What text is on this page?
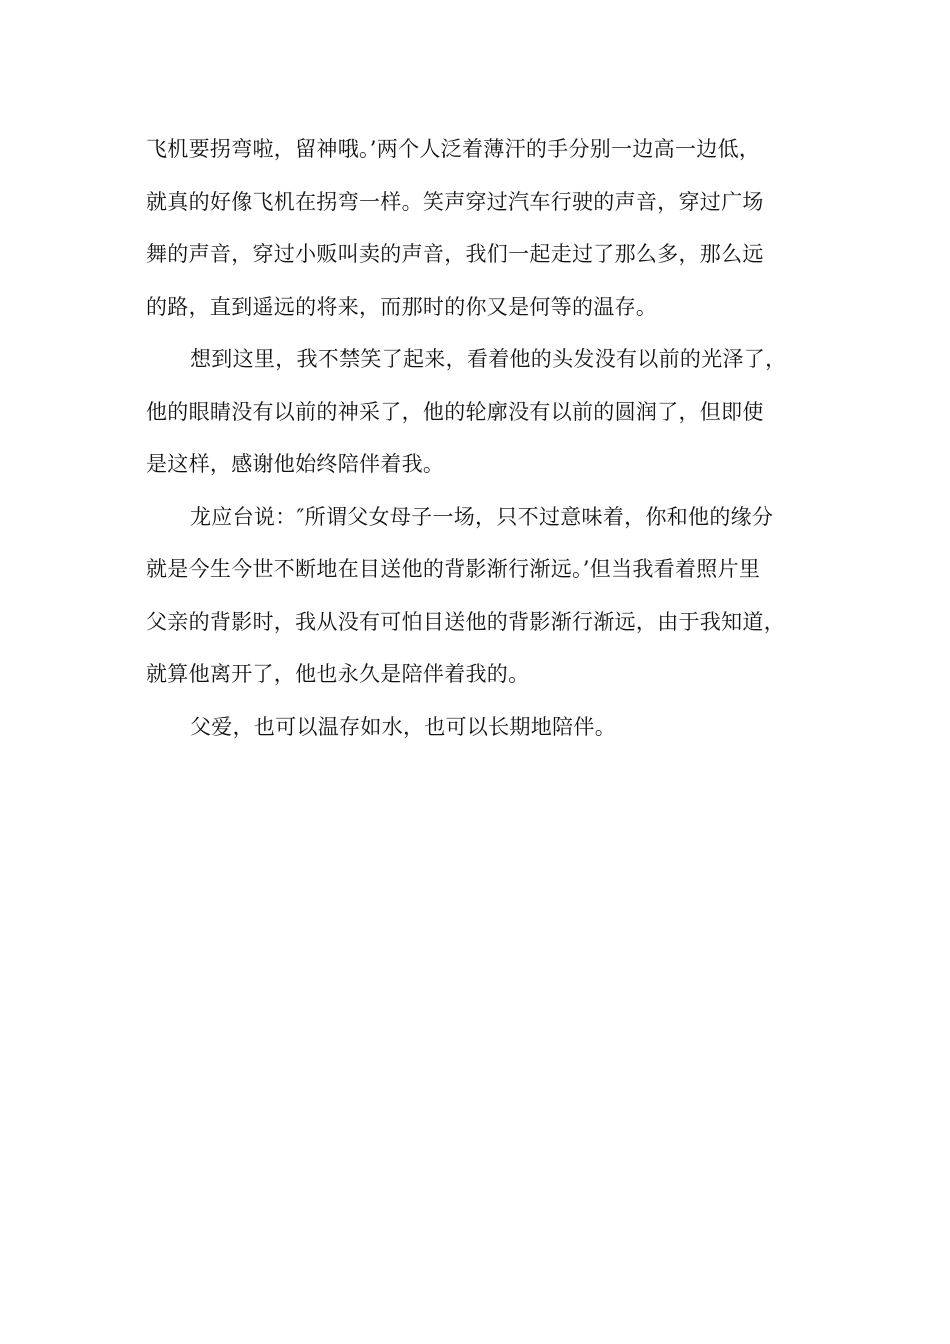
飞机要拐弯啦，留神哦。’两个人泛着薄汗的手分别一边高一边低，
就真的好像飞机在拐弯一样。笑声穿过汽车行驶的声音，穿过广场
舞的声音，穿过小贩叫卖的声音，我们一起走过了那么多，那么远
的路，直到遥远的将来，而那时的你又是何等的温存。
想到这里，我不禁笑了起来，看着他的头发没有以前的光泽了，
他的眼睛没有以前的神采了，他的轮廓没有以前的圆润了，但即使
是这样，感谢他始终陪伴着我。
龙应台说：″所谓父女母子一场，只不过意味着，你和他的缘分
就是今生今世不断地在目送他的背影渐行渐远。’但当我看着照片里
父亲的背影时，我从没有可怕目送他的背影渐行渐远，由于我知道，
就算他离开了，他也永久是陪伴着我的。
父爱，也可以温存如水，也可以长期地陪伴。
